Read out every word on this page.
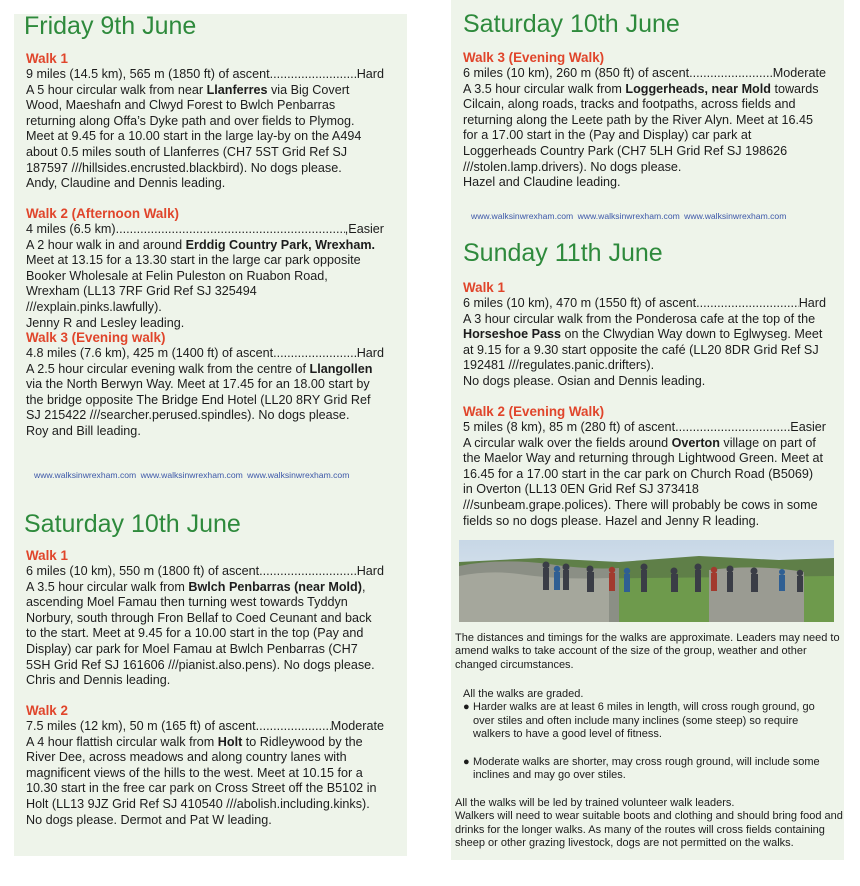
Friday 9th June
Walk 1
9 miles (14.5 km), 565 m (1850 ft) of ascent .....	Hard

A 5 hour circular walk from near Llanferres via Big Covert Wood, Maeshafn and Clwyd Forest to Bwlch Penbarras returning along Offa’s Dyke path and over fields to Plymog. Meet at 9.45 for a 10.00 start in the large lay-by on the A494 about 0.5 miles south of Llanferres (CH7 5ST Grid Ref SJ 187597 ///hillsides.encrusted.blackbird). No dogs please.

Andy, Claudine and Dennis leading.

Walk 2 (Afternoon Walk)
4 miles (6.5 km) .....	,Easier

A 2 hour walk in and around Erddig Country Park, Wrexham. Meet at 13.15 for a 13.30 start in the large car park opposite Booker Wholesale at Felin Puleston on Ruabon Road, Wrexham (LL13 7RF Grid Ref SJ 325494 ///explain.pinks.lawfully).

Jenny R and Lesley leading.

Walk 3 (Evening walk)
4.8 miles (7.6 km), 425 m (1400 ft) of ascent .....	Hard

A 2.5 hour circular evening walk from the centre of Llangollen via the North Berwyn Way. Meet at 17.45 for an 18.00 start by the bridge opposite The Bridge End Hotel (LL20 8RY Grid Ref SJ 215422 ///searcher.perused.spindles). No dogs please.

Roy and Bill leading.

www.walksinwrexham.com www.walksinwrexham.com www.walksinwrexham.com
Saturday 10th June
Walk 1
6 miles (10 km), 550 m (1800 ft) of ascent .....	Hard

A 3.5 hour circular walk from Bwlch Penbarras (near Mold), ascending Moel Famau then turning west towards Tyddyn Norbury, south through Fron Bellaf to Coed Ceunant and back to the start. Meet at 9.45 for a 10.00 start in the top (Pay and Display) car park for Moel Famau at Bwlch Penbarras (CH7 5SH Grid Ref SJ 161606 ///pianist.also.pens). No dogs please.

Chris and Dennis leading.

Walk 2
7.5 miles (12 km), 50 m (165 ft) of ascent .....	Moderate

A 4 hour flattish circular walk from Holt to Ridleywood by the River Dee, across meadows and along country lanes with magnificent views of the hills to the west. Meet at 10.15 for a 10.30 start in the free car park on Cross Street off the B5102 in Holt (LL13 9JZ Grid Ref SJ 410540 ///abolish.including.kinks). No dogs please. Dermot and Pat W leading.

Saturday 10th June
Walk 3 (Evening Walk)
6 miles (10 km), 260 m (850 ft) of ascent .....	Moderate

A 3.5 hour circular walk from Loggerheads, near Mold towards Cilcain, along roads, tracks and footpaths, across fields and returning along the Leete path by the River Alyn. Meet at 16.45 for a 17.00 start in the (Pay and Display) car park at Loggerheads Country Park (CH7 5LH Grid Ref SJ 198626 ///stolen.lamp.drivers). No dogs please.

Hazel and Claudine leading.

www.walksinwrexham.com www.walksinwrexham.com www.walksinwrexham.com
Sunday 11th June
Walk 1
6 miles (10 km), 470 m (1550 ft) of ascent .....	Hard

A 3 hour circular walk from the Ponderosa cafe at the top of the Horseshoe Pass on the Clwydian Way down to Eglwyseg. Meet at 9.15 for a 9.30 start opposite the café (LL20 8DR Grid Ref SJ 192481 ///regulates.panic.drifters).

No dogs please. Osian and Dennis leading.

Walk 2 (Evening Walk)
5 miles (8 km), 85 m (280 ft) of ascent .....	Easier

A circular walk over the fields around Overton village on part of the Maelor Way and returning through Lightwood Green. Meet at 16.45 for a 17.00 start in the car park on Church Road (B5069) in Overton (LL13 0EN Grid Ref SJ 373418 ///sunbeam.grape.polices). There will probably be cows in some fields so no dogs please. Hazel and Jenny R leading.

The distances and timings for the walks are approximate. Leaders may need to amend walks to take account of the size of the group, weather and other changed circumstances.

All the walks are graded.

● Harder walks are at least 6 miles in length, will cross rough ground, go over stiles and often include many inclines (some steep) so require walkers to have a good level of fitness.
● Moderate walks are shorter, may cross rough ground, will include some inclines and may go over stiles.

All the walks will be led by trained volunteer walk leaders.

Walkers will need to wear suitable boots and clothing and should bring food and drinks for the longer walks. As many of the routes will cross fields containing sheep or other grazing livestock, dogs are not permitted on the walks.
